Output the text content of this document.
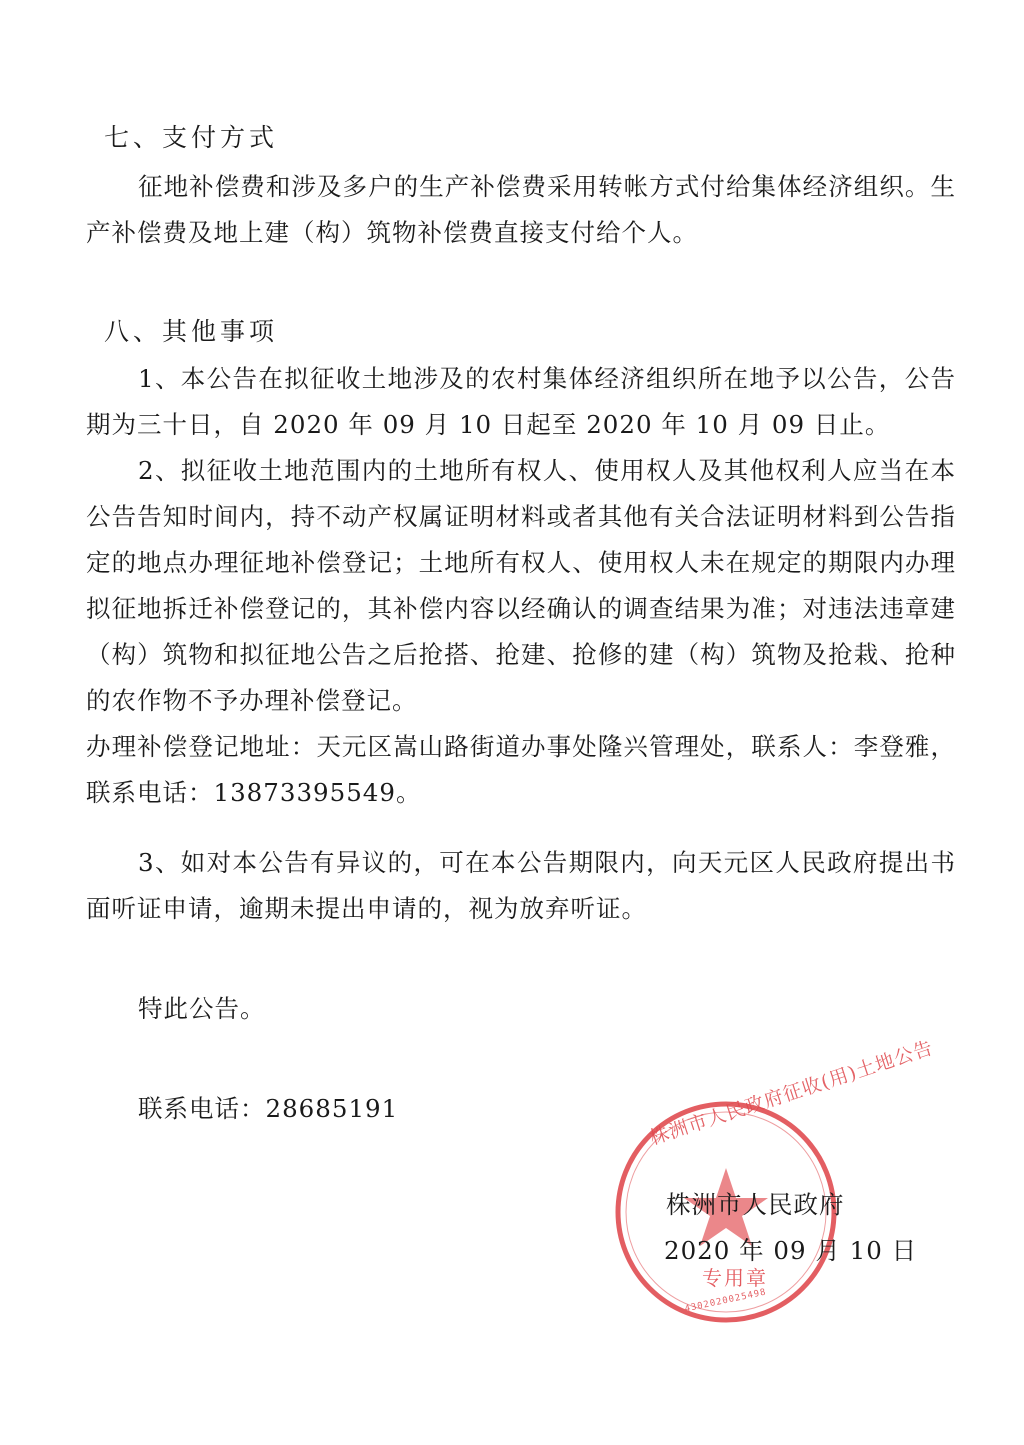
七、支付方式

征地补偿费和涉及多户的生产补偿费采用转帐方式付给集体经济组织。生产补偿费及地上建（构）筑物补偿费直接支付给个人。

八、其他事项

1、本公告在拟征收土地涉及的农村集体经济组织所在地予以公告，公告期为三十日，自 2020 年 09 月 10 日起至 2020 年 10 月 09 日止。

2、拟征收土地范围内的土地所有权人、使用权人及其他权利人应当在本公告告知时间内，持不动产权属证明材料或者其他有关合法证明材料到公告指定的地点办理征地补偿登记；土地所有权人、使用权人未在规定的期限内办理拟征地拆迁补偿登记的，其补偿内容以经确认的调查结果为准；对违法违章建（构）筑物和拟征地公告之后抢搭、抢建、抢修的建（构）筑物及抢栽、抢种的农作物不予办理补偿登记。

办理补偿登记地址：天元区嵩山路街道办事处隆兴管理处，联系人：李登雅，联系电话：13873395549。

3、如对本公告有异议的，可在本公告期限内，向天元区人民政府提出书面听证申请，逾期未提出申请的，视为放弃听证。

特此公告。
联系电话：28685191	株洲市人民政府征收(用)土地公告
专用章
4302020025498
株洲市人民政府
2020 年 09 月 10 日
